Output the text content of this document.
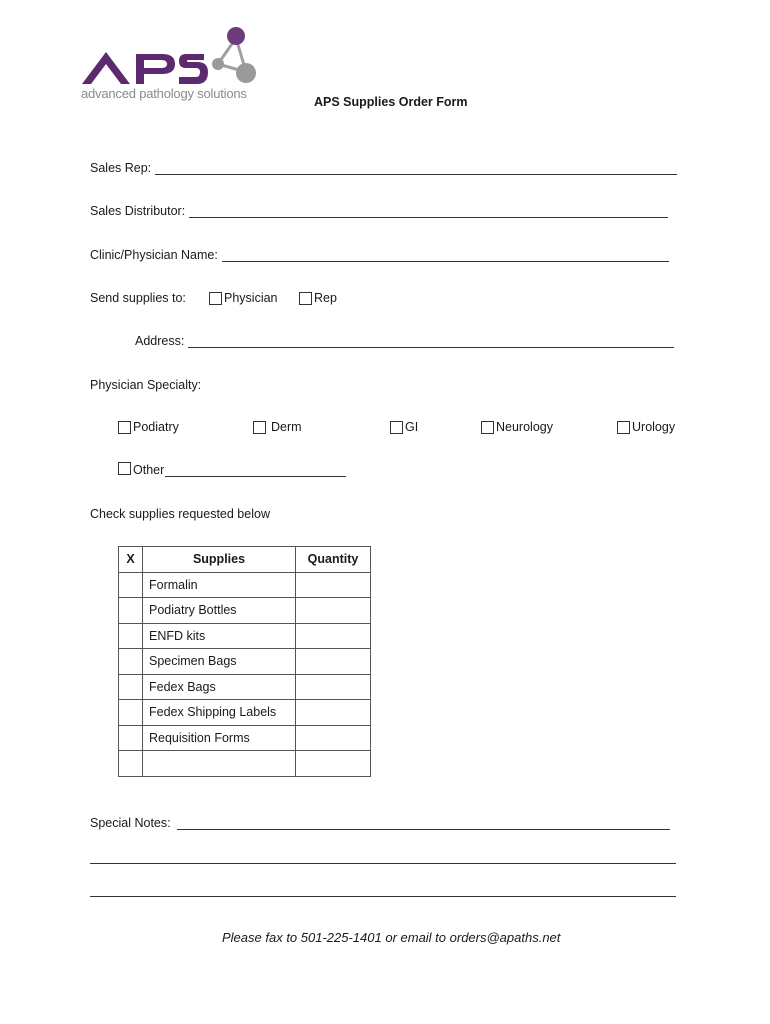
advanced pathology solutions
APS Supplies Order Form
Sales Rep:
Sales Distributor:
Clinic/Physician Name:
Send supplies to:	Physician	Rep
Address:
Physician Specialty:
Podiatry	Derm	GI	Neurology	Urology
Other
Check supplies requested below
X	Supplies	Quantity
	Formalin	
	Podiatry Bottles	
	ENFD kits	
	Specimen Bags	
	Fedex Bags	
	Fedex Shipping Labels	
	Requisition Forms	

Special Notes:
Please fax to 501-225-1401 or email to orders@apaths.net
